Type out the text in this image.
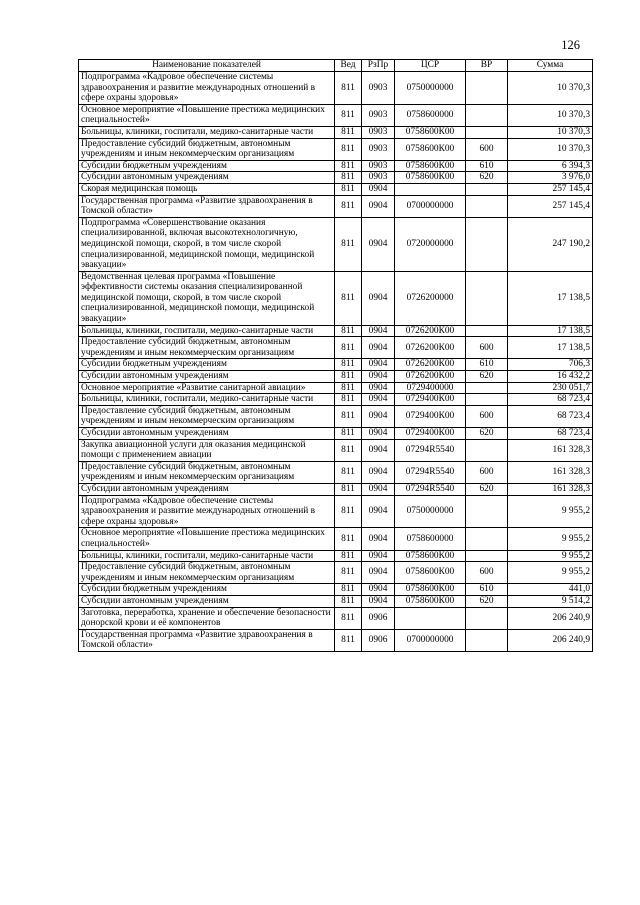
126
Наименование показателей	Вед	РзПр	ЦСР	ВР	Сумма
Подпрограмма «Кадровое обеспечение системы здравоохранения и развитие международных отношений в сфере охраны здоровья»	811	0903	0750000000		10 370,3
Основное мероприятие «Повышение престижа медицинских специальностей»	811	0903	0758600000		10 370,3
Больницы, клиники, госпитали, медико-санитарные части	811	0903	0758600К00		10 370,3
Предоставление субсидий бюджетным, автономным учреждениям и иным некоммерческим организациям	811	0903	0758600К00	600	10 370,3
Субсидии бюджетным учреждениям	811	0903	0758600К00	610	6 394,3
Субсидии автономным учреждениям	811	0903	0758600К00	620	3 976,0
Скорая медицинская помощь	811	0904			257 145,4
Государственная программа «Развитие здравоохранения в Томской области»	811	0904	0700000000		257 145,4
Подпрограмма «Совершенствование оказания специализированной, включая высокотехнологичную, медицинской помощи, скорой, в том числе скорой специализированной, медицинской помощи, медицинской эвакуации»	811	0904	0720000000		247 190,2
Ведомственная целевая программа «Повышение эффективности системы оказания специализированной медицинской помощи, скорой, в том числе скорой специализированной, медицинской помощи, медицинской эвакуации»	811	0904	0726200000		17 138,5
Больницы, клиники, госпитали, медико-санитарные части	811	0904	0726200К00		17 138,5
Предоставление субсидий бюджетным, автономным учреждениям и иным некоммерческим организациям	811	0904	0726200К00	600	17 138,5
Субсидии бюджетным учреждениям	811	0904	0726200К00	610	706,3
Субсидии автономным учреждениям	811	0904	0726200К00	620	16 432,2
Основное мероприятие «Развитие санитарной авиации»	811	0904	0729400000		230 051,7
Больницы, клиники, госпитали, медико-санитарные части	811	0904	0729400К00		68 723,4
Предоставление субсидий бюджетным, автономным учреждениям и иным некоммерческим организациям	811	0904	0729400К00	600	68 723,4
Субсидии автономным учреждениям	811	0904	0729400К00	620	68 723,4
Закупка авиационной услуги для оказания медицинской помощи с применением авиации	811	0904	07294R5540		161 328,3
Предоставление субсидий бюджетным, автономным учреждениям и иным некоммерческим организациям	811	0904	07294R5540	600	161 328,3
Субсидии автономным учреждениям	811	0904	07294R5540	620	161 328,3
Подпрограмма «Кадровое обеспечение системы здравоохранения и развитие международных отношений в сфере охраны здоровья»	811	0904	0750000000		9 955,2
Основное мероприятие «Повышение престижа медицинских специальностей»	811	0904	0758600000		9 955,2
Больницы, клиники, госпитали, медико-санитарные части	811	0904	0758600К00		9 955,2
Предоставление субсидий бюджетным, автономным учреждениям и иным некоммерческим организациям	811	0904	0758600К00	600	9 955,2
Субсидии бюджетным учреждениям	811	0904	0758600К00	610	441,0
Субсидии автономным учреждениям	811	0904	0758600К00	620	9 514,2
Заготовка, переработка, хранение и обеспечение безопасности донорской крови и её компонентов	811	0906			206 240,9
Государственная программа «Развитие здравоохранения в Томской области»	811	0906	0700000000		206 240,9
